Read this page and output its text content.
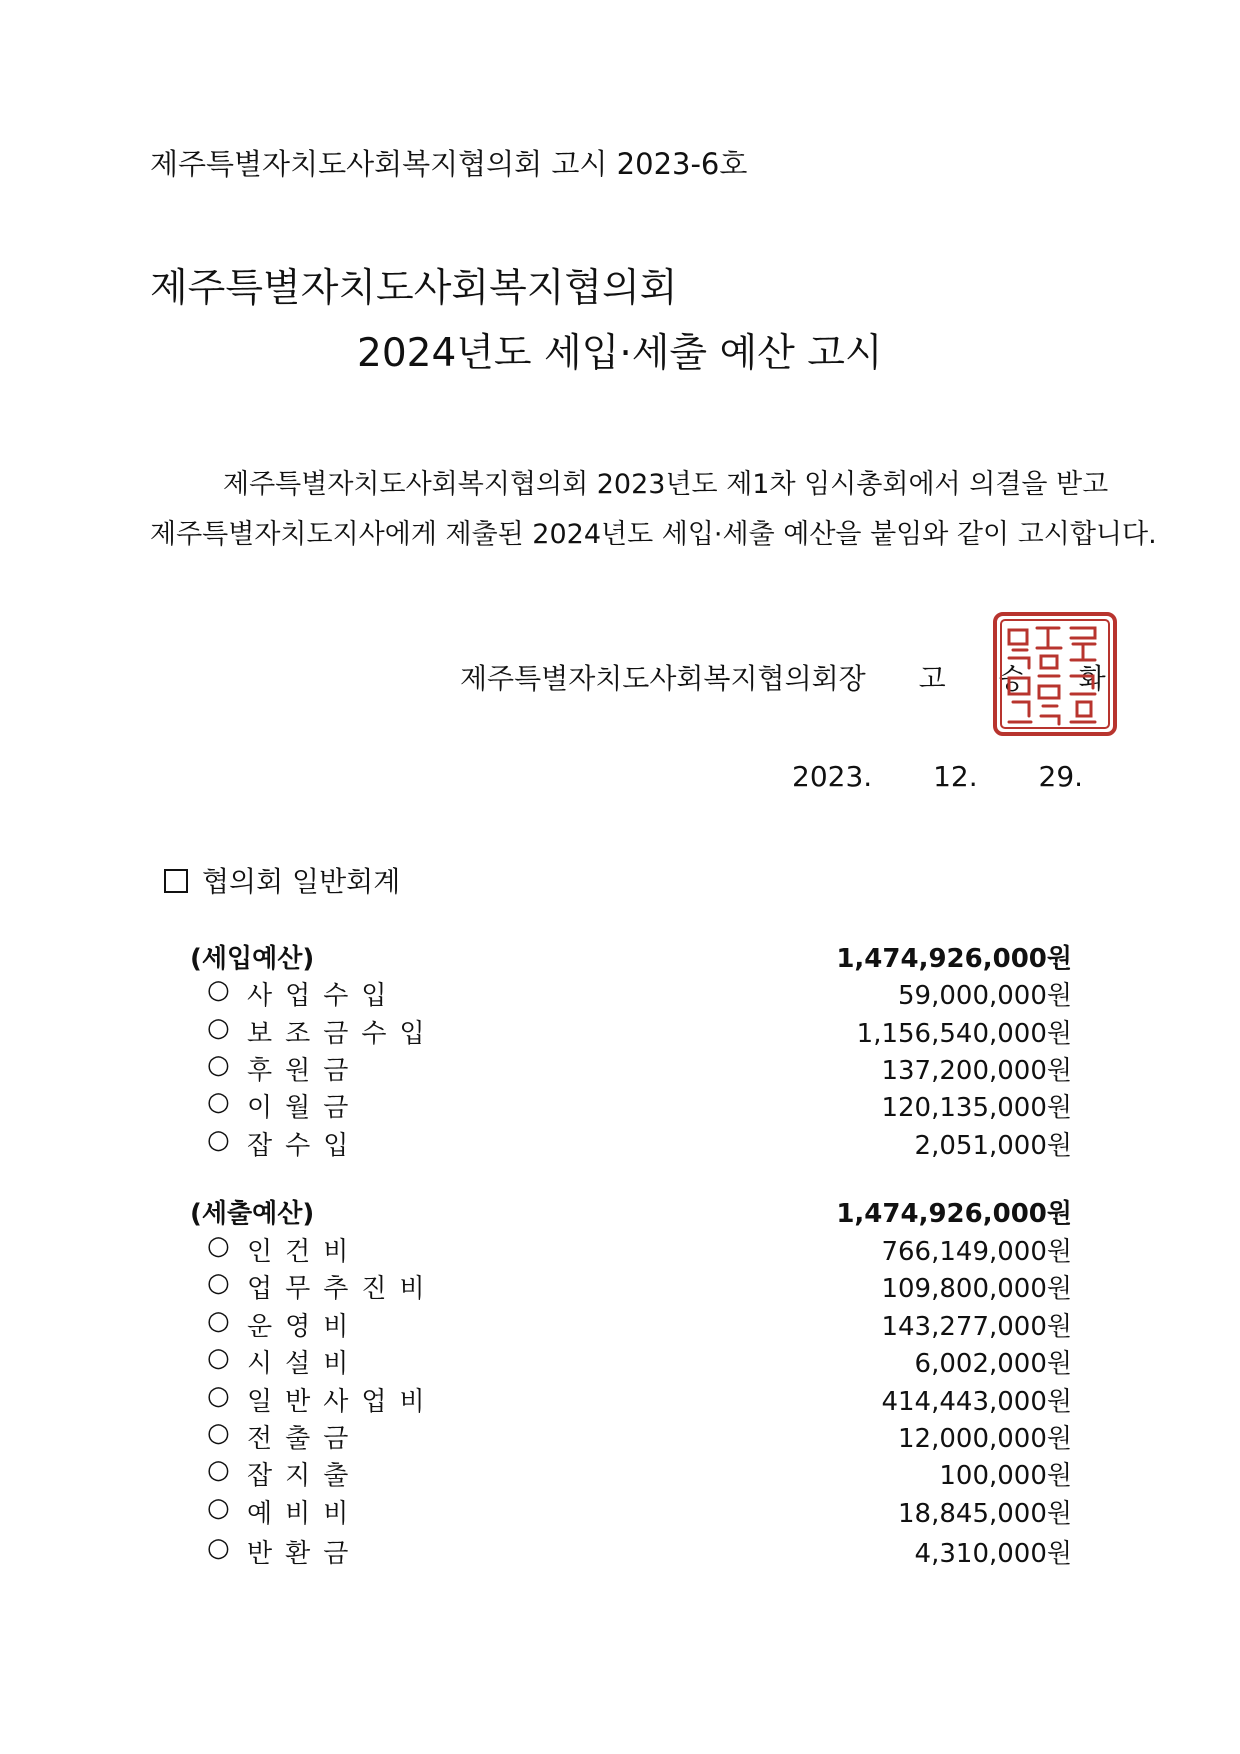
제주특별자치도사회복지협의회 고시 2023-6호
제주특별자치도사회복지협의회
2024년도 세입·세출 예산 고시
제주특별자치도사회복지협의회 2023년도 제1차 임시총회에서 의결을 받고
제주특별자치도지사에게 제출된 2024년도 세입·세출 예산을 붙임와 같이 고시합니다.
제주특별자치도사회복지협의회장 고 승 화
2023. 12. 29.
협의회 일반회계
(세입예산)	1,474,926,000원
○ 사업수입	59,000,000원
○ 보조금수입	1,156,540,000원
○ 후원금	137,200,000원
○ 이월금	120,135,000원
○ 잡수입	2,051,000원
(세출예산)	1,474,926,000원
○ 인건비	766,149,000원
○ 업무추진비	109,800,000원
○ 운영비	143,277,000원
○ 시설비	6,002,000원
○ 일반사업비	414,443,000원
○ 전출금	12,000,000원
○ 잡지출	100,000원
○ 예비비	18,845,000원
○ 반환금	4,310,000원
